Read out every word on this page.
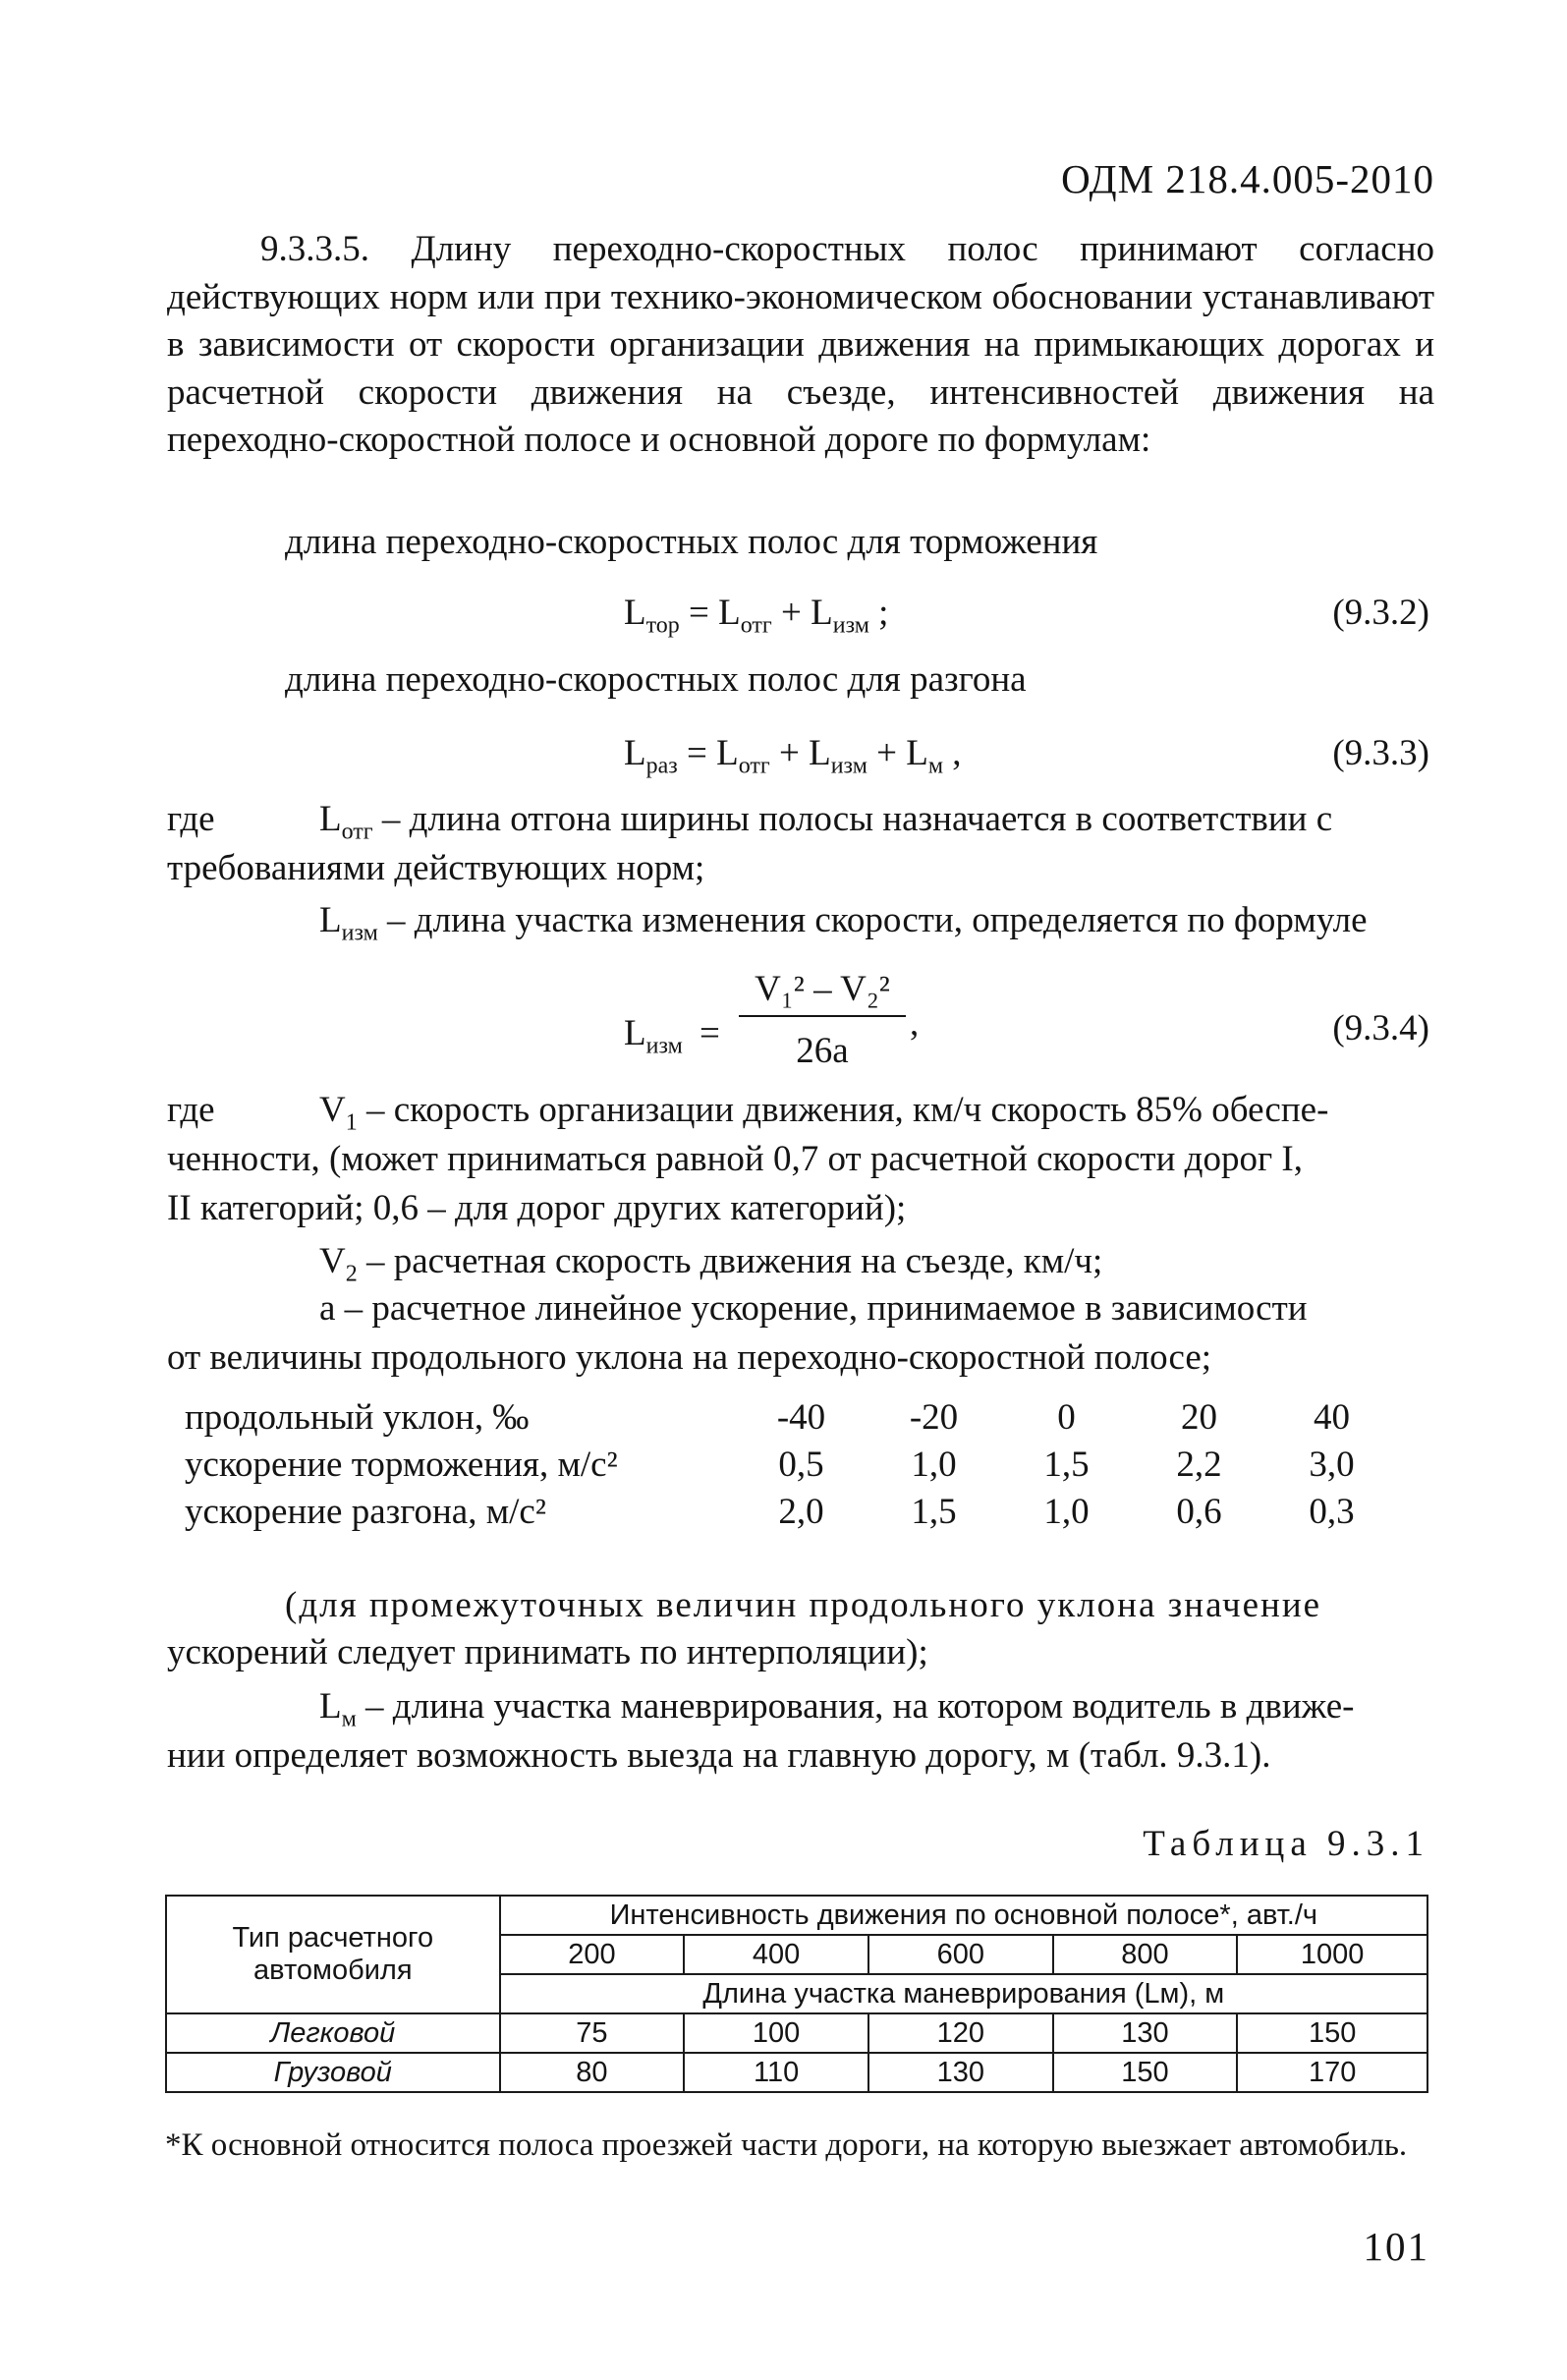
ОДМ 218.4.005-2010
9.3.3.5. Длину переходно-скоростных полос принимают согласно действующих норм или при технико-экономическом обосновании устанавливают в зависимости от скорости организации движения на примыкающих дорогах и расчетной скорости движения на съезде, интенсивностей движения на переходно-скоростной полосе и основной дороге по формулам:
длина переходно-скоростных полос для торможения
$L_{тор} = L_{отг} + L_{изм}$ ;	(9.3.2)
длина переходно-скоростных полос для разгона
$L_{раз} = L_{отг} + L_{изм} + L_м$ ,	(9.3.3)
где	$L_{отг}$ – длина отгона ширины полосы назначается в соответствии с
требованиями действующих норм;
$L_{изм}$ – длина участка изменения скорости, определяется по формуле
$L_{изм}$ =
V₁² – V₂²
26a
,	(9.3.4)
где	$V_1$ – скорость организации движения, км/ч скорость 85% обеспе-
ченности, (может приниматься равной 0,7 от расчетной скорости дорог I,
II категорий; 0,6 – для дорог других категорий);
$V_2$ – расчетная скорость движения на съезде, км/ч;
a – расчетное линейное ускорение, принимаемое в зависимости
от величины продольного уклона на переходно-скоростной полосе;
продольный уклон, ‰	-40	-20	0	20	40
ускорение торможения, м/с²	0,5	1,0	1,5	2,2	3,0
ускорение разгона, м/с²	2,0	1,5	1,0	0,6	0,3
(для промежуточных величин продольного уклона значение
ускорений следует принимать по интерполяции);
$L_м$ – длина участка маневрирования, на котором водитель в движе-
нии определяет возможность выезда на главную дорогу, м (табл. 9.3.1).
Таблица 9.3.1
Тип расчетного автомобиля	Интенсивность движения по основной полосе*, авт./ч				
	200	400	600	800	1000
	Длина участка маневрирования (Lм), м				
Легковой	75	100	120	130	150
Грузовой	80	110	130	150	170
*К основной относится полоса проезжей части дороги, на которую выезжает автомобиль.
101
